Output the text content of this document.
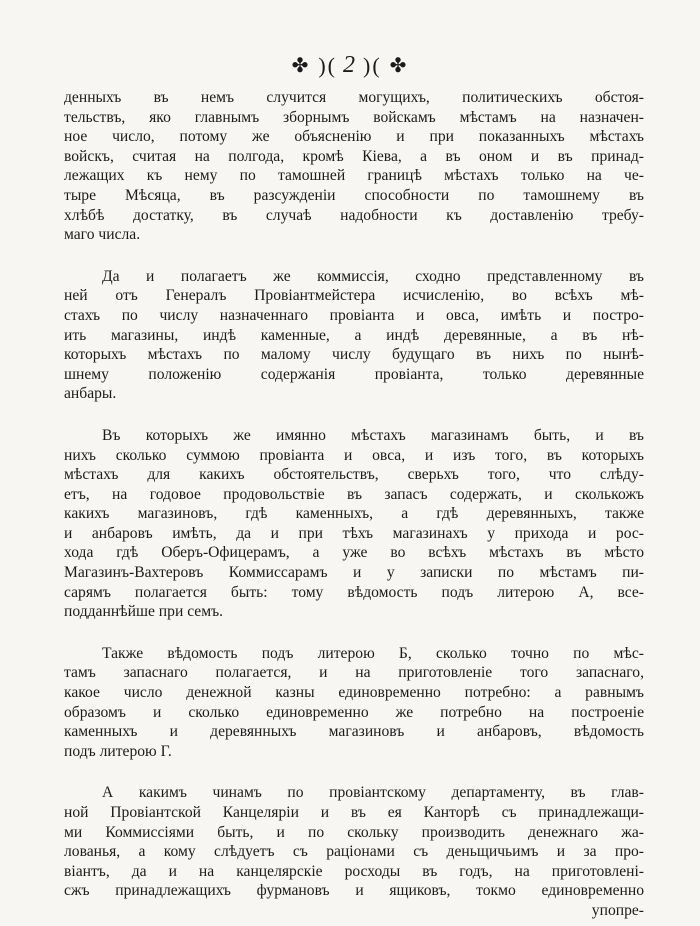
✤ )( 2 )( ✤
денныхъ въ немъ случится могущихъ, политическихъ обстоя-
тельствъ, яко главнымъ зборнымъ войскамъ мѣстамъ на назначен-
ное число, потому же объясненію и при показанныхъ мѣстахъ
войскъ, считая на полгода, кромѣ Кіева, а въ оном и въ принад-
лежащих къ нему по тамошней границѣ мѣстахъ только на че-
тыре Мѣсяца, въ разсужденіи способности по тамошнему въ
хлѣбѣ достатку, въ случаѣ надобности къ доставленію требу-
маго числа.
Да и полагаетъ же коммиссія, сходно представленному въ
ней отъ Генералъ Провіантмейстера исчисленію, во всѣхъ мѣ-
стахъ по числу назначеннаго провіанта и овса, имѣть и постро-
ить магазины, индѣ каменные, а индѣ деревянные, а въ нѣ-
которыхъ мѣстахъ по малому числу будущаго въ нихъ по нынѣ-
шнему положенію содержанія провіанта, только деревянные
анбары.
Въ которыхъ же имянно мѣстахъ магазинамъ быть, и въ
нихъ сколько суммою провіанта и овса, и изъ того, въ которыхъ
мѣстахъ для какихъ обстоятельствъ, сверьхъ того, что слѣду-
етъ, на годовое продовольствіе въ запасъ содержать, и сколькожъ
какихъ магазиновъ, гдѣ каменныхъ, а гдѣ деревянныхъ, также
и анбаровъ имѣть, да и при тѣхъ магазинахъ у прихода и рос-
хода гдѣ Оберъ-Офицерамъ, а уже во всѣхъ мѣстахъ въ мѣсто
Магазинъ-Вахтеровъ Коммиссарамъ и у записки по мѣстамъ пи-
сарямъ полагается быть: тому вѣдомость подъ литерою А, все-
подданнѣйше при семъ.
Также вѣдомость подъ литерою Б, сколько точно по мѣс-
тамъ запаснаго полагается, и на приготовленіе того запаснаго,
какое число денежной казны единовременно потребно: а равнымъ
образомъ и сколько единовременно же потребно на построеніе
каменныхъ и деревянныхъ магазиновъ и анбаровъ, вѣдомость
подъ литерою Г.
А какимъ чинамъ по провіантскому департаменту, въ глав-
ной Провіантской Канцеляріи и въ ея Канторѣ съ принадлежащи-
ми Коммиссіями быть, и по скольку производить денежнаго жа-
лованья, а кому слѣдуетъ съ раціонами съ деньщичьимъ и за про-
віантъ, да и на канцелярскіе росходы въ годъ, на приготовлені-
сжъ принадлежащихъ фурмановъ и ящиковъ, токмо единовременно
упопре-
